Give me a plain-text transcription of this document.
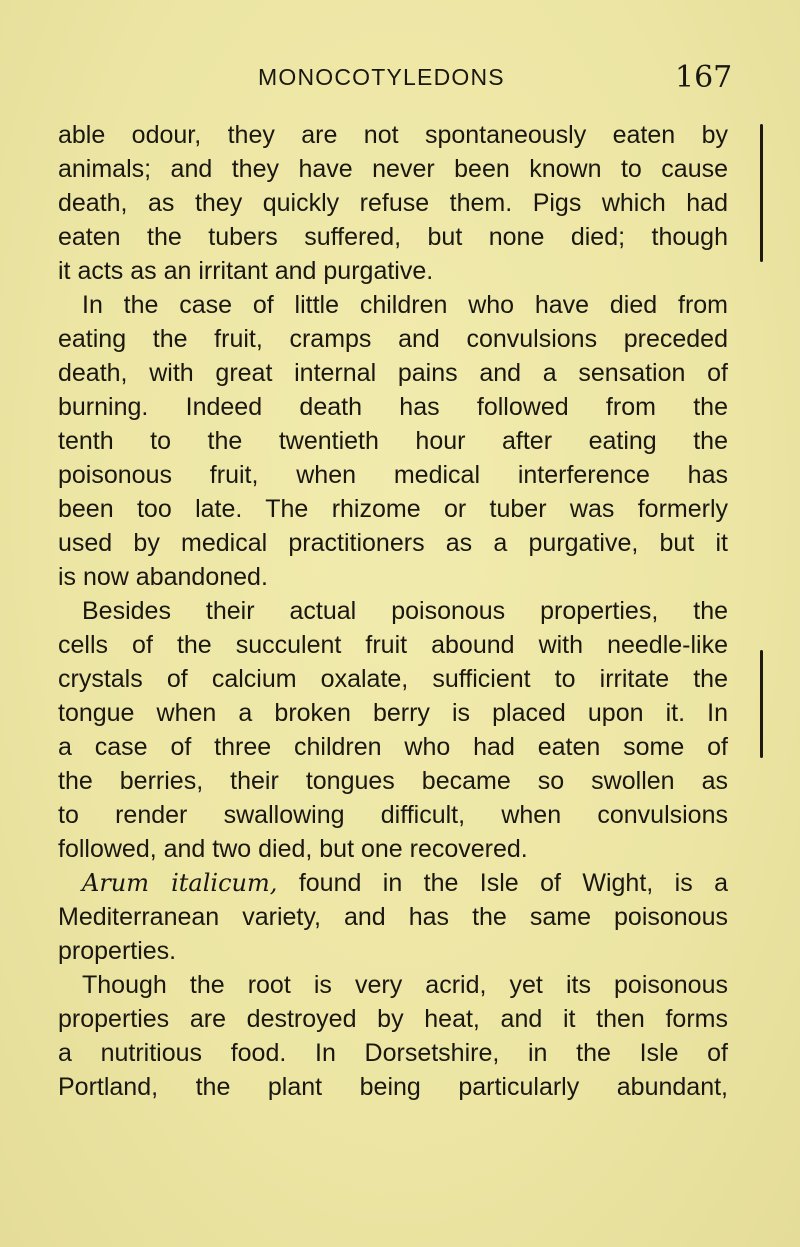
MONOCOTYLEDONS	167
able odour, they are not spontaneously eaten by
animals; and they have never been known to cause
death, as they quickly refuse them. Pigs which had
eaten the tubers suffered, but none died; though
it acts as an irritant and purgative.
In the case of little children who have died from
eating the fruit, cramps and convulsions preceded
death, with great internal pains and a sensation of
burning. Indeed death has followed from the
tenth to the twentieth hour after eating the
poisonous fruit, when medical interference has
been too late. The rhizome or tuber was formerly
used by medical practitioners as a purgative, but it
is now abandoned.
Besides their actual poisonous properties, the
cells of the succulent fruit abound with needle-like
crystals of calcium oxalate, sufficient to irritate the
tongue when a broken berry is placed upon it. In
a case of three children who had eaten some of
the berries, their tongues became so swollen as
to render swallowing difficult, when convulsions
followed, and two died, but one recovered.
Arum italicum, found in the Isle of Wight, is a
Mediterranean variety, and has the same poisonous
properties.
Though the root is very acrid, yet its poisonous
properties are destroyed by heat, and it then forms
a nutritious food. In Dorsetshire, in the Isle of
Portland, the plant being particularly abundant,
